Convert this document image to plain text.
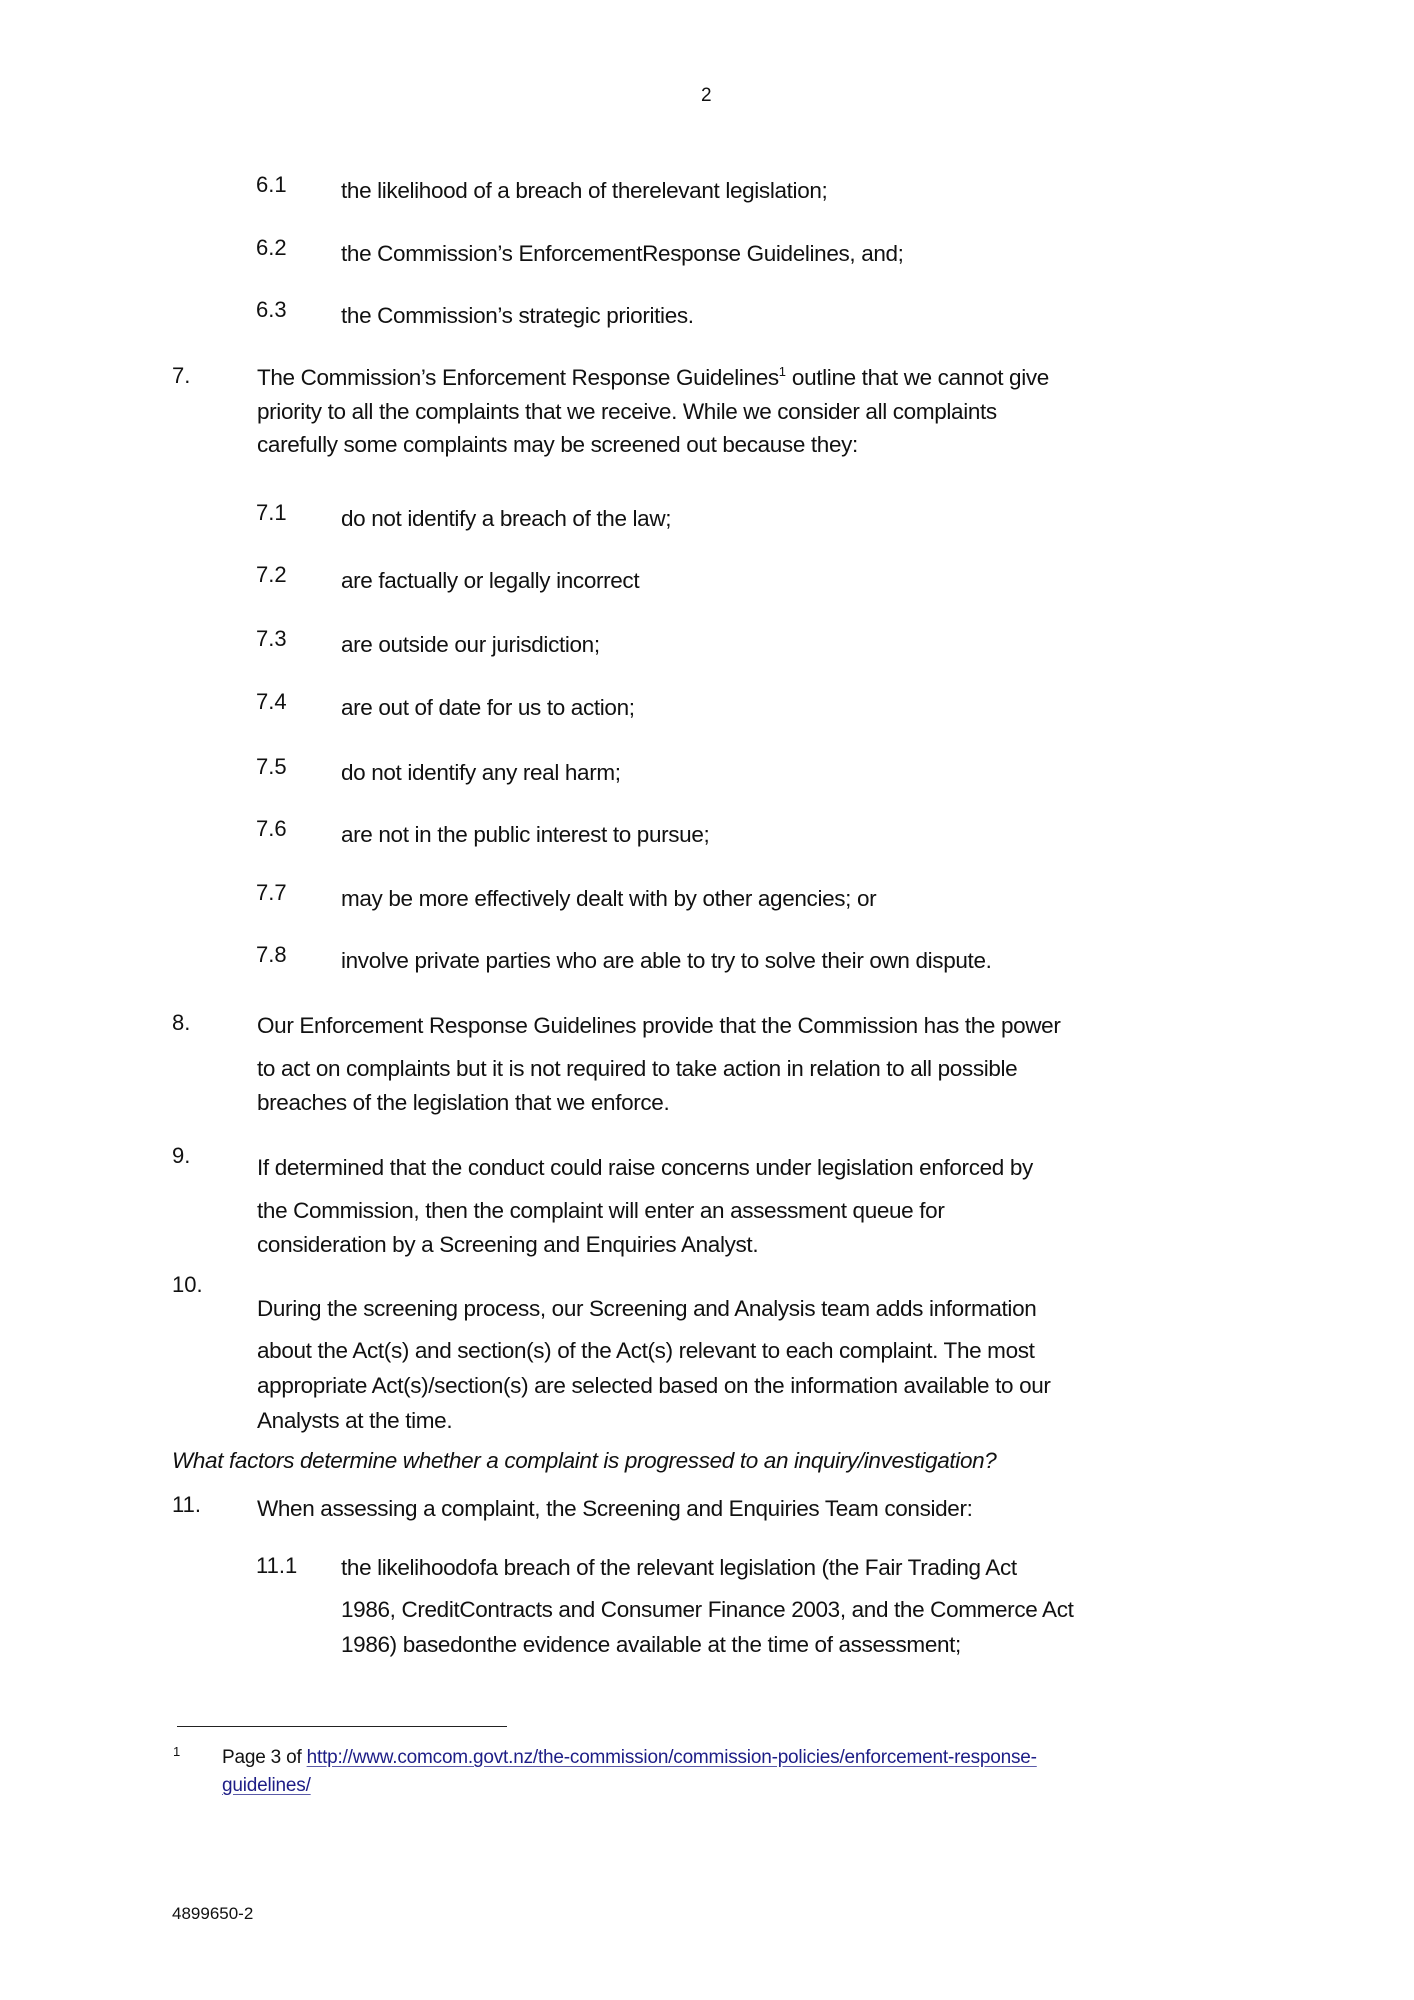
2
6.1 the likelihood of a breach of therelevant legislation;
6.2 the Commission’s EnforcementResponse Guidelines, and;
6.3 the Commission’s strategic priorities.
7.	The Commission’s Enforcement Response Guidelines$^1$ outline that we cannot give
priority to all the complaints that we receive. While we consider all complaints
carefully some complaints may be screened out because they:
7.1 do not identify a breach of the law;
7.2 are factually or legally incorrect
7.3 are outside our jurisdiction;
7.4 are out of date for us to action;
7.5 do not identify any real harm;
7.6 are not in the public interest to pursue;
7.7 may be more effectively dealt with by other agencies; or
7.8 involve private parties who are able to try to solve their own dispute.
8.	Our Enforcement Response Guidelines provide that the Commission has the power
to act on complaints but it is not required to take action in relation to all possible
breaches of the legislation that we enforce.
9.	If determined that the conduct could raise concerns under legislation enforced by
the Commission, then the complaint will enter an assessment queue for
consideration by a Screening and Enquiries Analyst.
10.
During the screening process, our Screening and Analysis team adds information
about the Act(s) and section(s) of the Act(s) relevant to each complaint. The most
appropriate Act(s)/section(s) are selected based on the information available to our
Analysts at the time.
What factors determine whether a complaint is progressed to an inquiry/investigation?
11. When assessing a complaint, the Screening and Enquiries Team consider:
11.1 the likelihoodofa breach of the relevant legislation (the Fair Trading Act
1986, CreditContracts and Consumer Finance 2003, and the Commerce Act
1986) basedonthe evidence available at the time of assessment;
1 Page 3 of http://www.comcom.govt.nz/the-commission/commission-policies/enforcement-response-
guidelines/
4899650-2
